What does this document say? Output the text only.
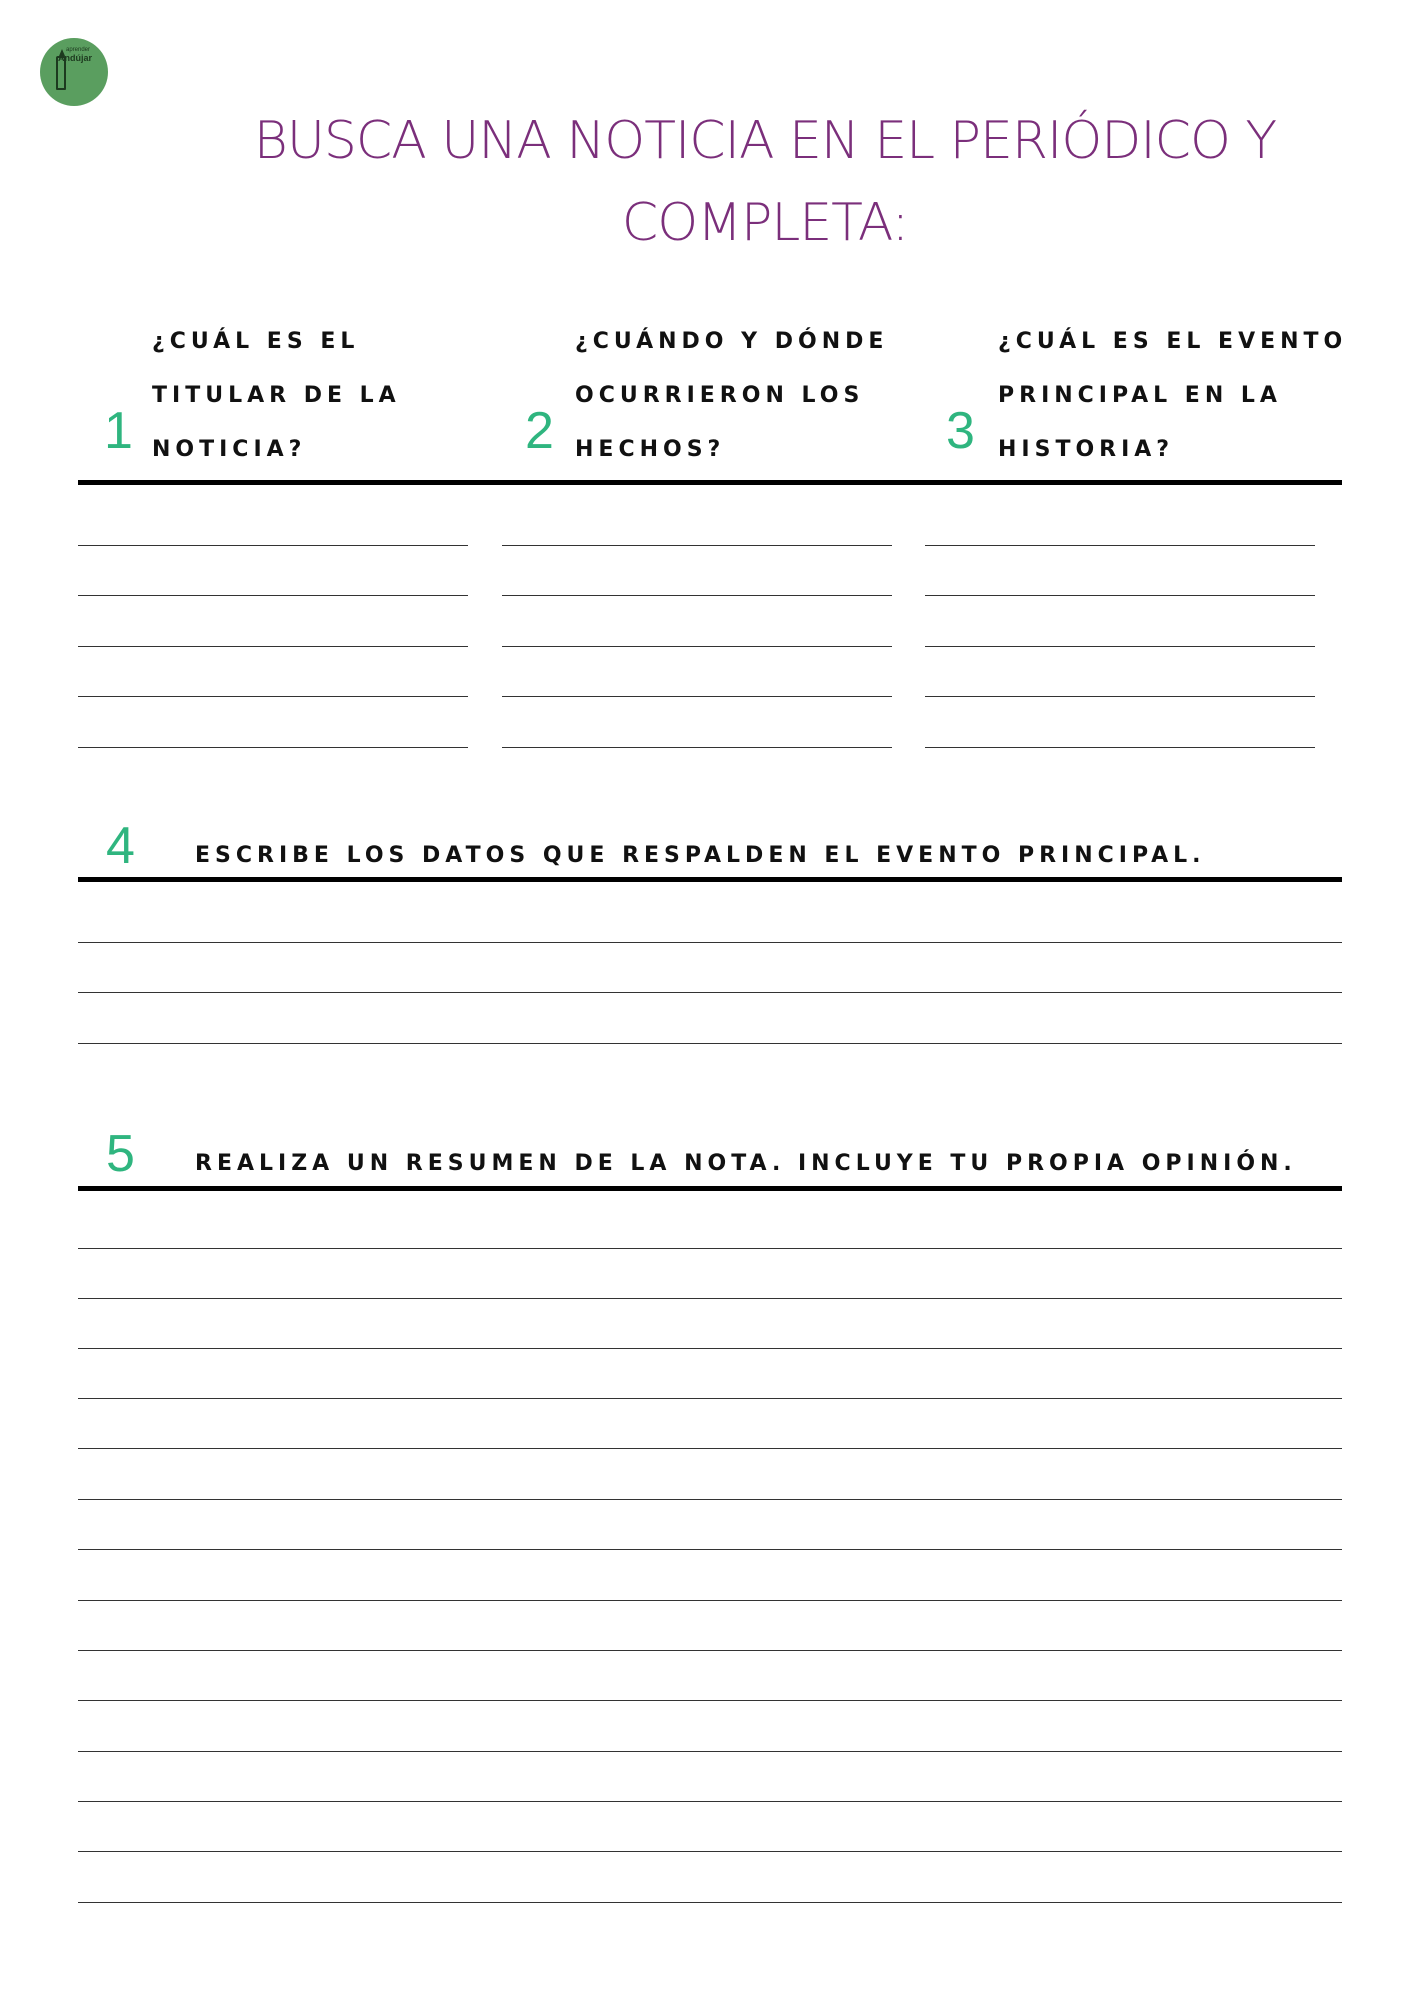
aprender
Andújar
BUSCA UNA NOTICIA EN EL PERIÓDICO Y
COMPLETA:
1
¿CUÁL ES EL
TITULAR DE LA
NOTICIA?	2
¿CUÁNDO Y DÓNDE
OCURRIERON LOS
HECHOS?	3
¿CUÁL ES EL EVENTO
PRINCIPAL EN LA
HISTORIA?
4	ESCRIBE LOS DATOS QUE RESPALDEN EL EVENTO PRINCIPAL.
5	REALIZA UN RESUMEN DE LA NOTA. INCLUYE TU PROPIA OPINIÓN.
